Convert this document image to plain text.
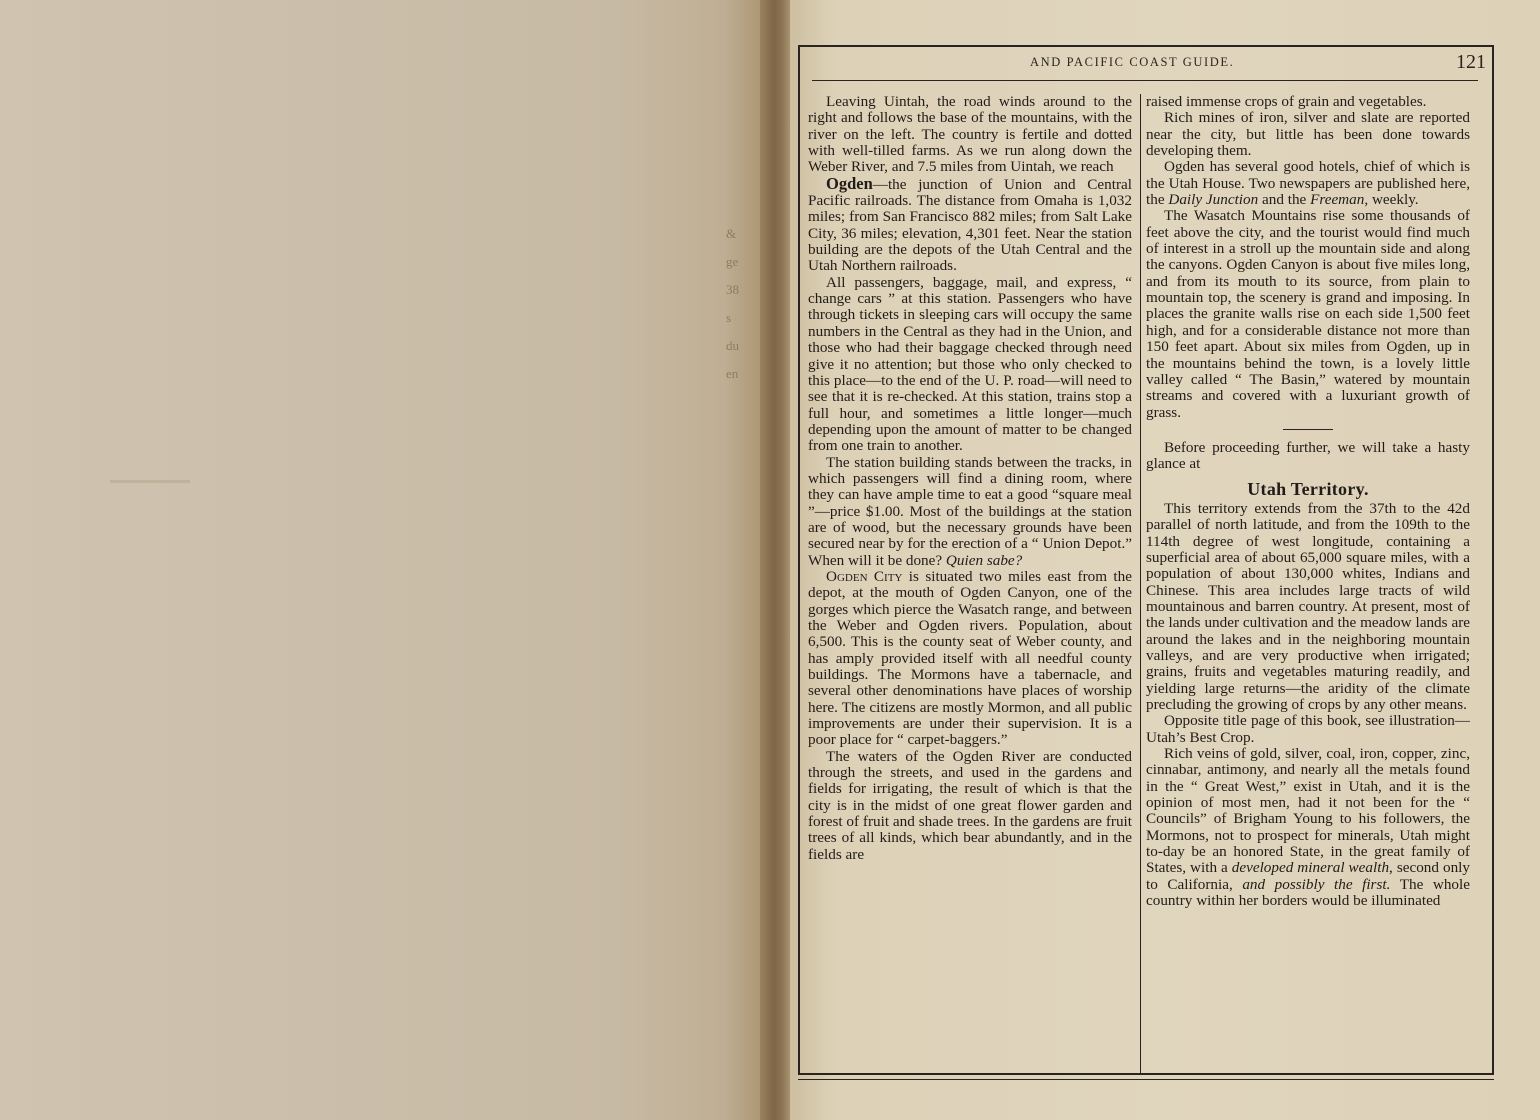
&
ge
38
s
du
en
AND PACIFIC COAST GUIDE.	121

Leaving Uintah, the road winds around to the right and follows the base of the mountains, with the river on the left. The country is fertile and dotted with well-tilled farms. As we run along down the Weber River, and 7.5 miles from Uintah, we reach

Ogden—the junction of Union and Central Pacific railroads. The distance from Omaha is 1,032 miles; from San Francisco 882 miles; from Salt Lake City, 36 miles; elevation, 4,301 feet. Near the station building are the depots of the Utah Central and the Utah Northern railroads.

All passengers, baggage, mail, and express, “ change cars ” at this station. Passengers who have through tickets in sleeping cars will occupy the same numbers in the Central as they had in the Union, and those who had their baggage checked through need give it no attention; but those who only checked to this place—to the end of the U. P. road—will need to see that it is re-checked. At this station, trains stop a full hour, and sometimes a little longer—much depending upon the amount of matter to be changed from one train to another.

The station building stands between the tracks, in which passengers will find a dining room, where they can have ample time to eat a good “square meal ”—price $1.00. Most of the buildings at the station are of wood, but the necessary grounds have been secured near by for the erection of a “ Union Depot.” When will it be done? Quien sabe?

Ogden City is situated two miles east from the depot, at the mouth of Ogden Canyon, one of the gorges which pierce the Wasatch range, and between the Weber and Ogden rivers. Population, about 6,500. This is the county seat of Weber county, and has amply provided itself with all needful county buildings. The Mormons have a tabernacle, and several other denominations have places of worship here. The citizens are mostly Mormon, and all public improvements are under their supervision. It is a poor place for “ carpet-baggers.”

The waters of the Ogden River are conducted through the streets, and used in the gardens and fields for irrigating, the result of which is that the city is in the midst of one great flower garden and forest of fruit and shade trees. In the gardens are fruit trees of all kinds, which bear abundantly, and in the fields are

raised immense crops of grain and vegetables.

Rich mines of iron, silver and slate are reported near the city, but little has been done towards developing them.

Ogden has several good hotels, chief of which is the Utah House. Two newspapers are published here, the Daily Junction and the Freeman, weekly.

The Wasatch Mountains rise some thousands of feet above the city, and the tourist would find much of interest in a stroll up the mountain side and along the canyons. Ogden Canyon is about five miles long, and from its mouth to its source, from plain to mountain top, the scenery is grand and imposing. In places the granite walls rise on each side 1,500 feet high, and for a considerable distance not more than 150 feet apart. About six miles from Ogden, up in the mountains behind the town, is a lovely little valley called “ The Basin,” watered by mountain streams and covered with a luxuriant growth of grass.

Before proceeding further, we will take a hasty glance at

Utah Territory.

This territory extends from the 37th to the 42d parallel of north latitude, and from the 109th to the 114th degree of west longitude, containing a superficial area of about 65,000 square miles, with a population of about 130,000 whites, Indians and Chinese. This area includes large tracts of wild mountainous and barren country. At present, most of the lands under cultivation and the meadow lands are around the lakes and in the neighboring mountain valleys, and are very productive when irrigated; grains, fruits and vegetables maturing readily, and yielding large returns—the aridity of the climate precluding the growing of crops by any other means.

Opposite title page of this book, see illustration—Utah’s Best Crop.

Rich veins of gold, silver, coal, iron, copper, zinc, cinnabar, antimony, and nearly all the metals found in the “ Great West,” exist in Utah, and it is the opinion of most men, had it not been for the “ Councils” of Brigham Young to his followers, the Mormons, not to prospect for minerals, Utah might to-day be an honored State, in the great family of States, with a developed mineral wealth, second only to California, and possibly the first. The whole country within her borders would be illuminated
